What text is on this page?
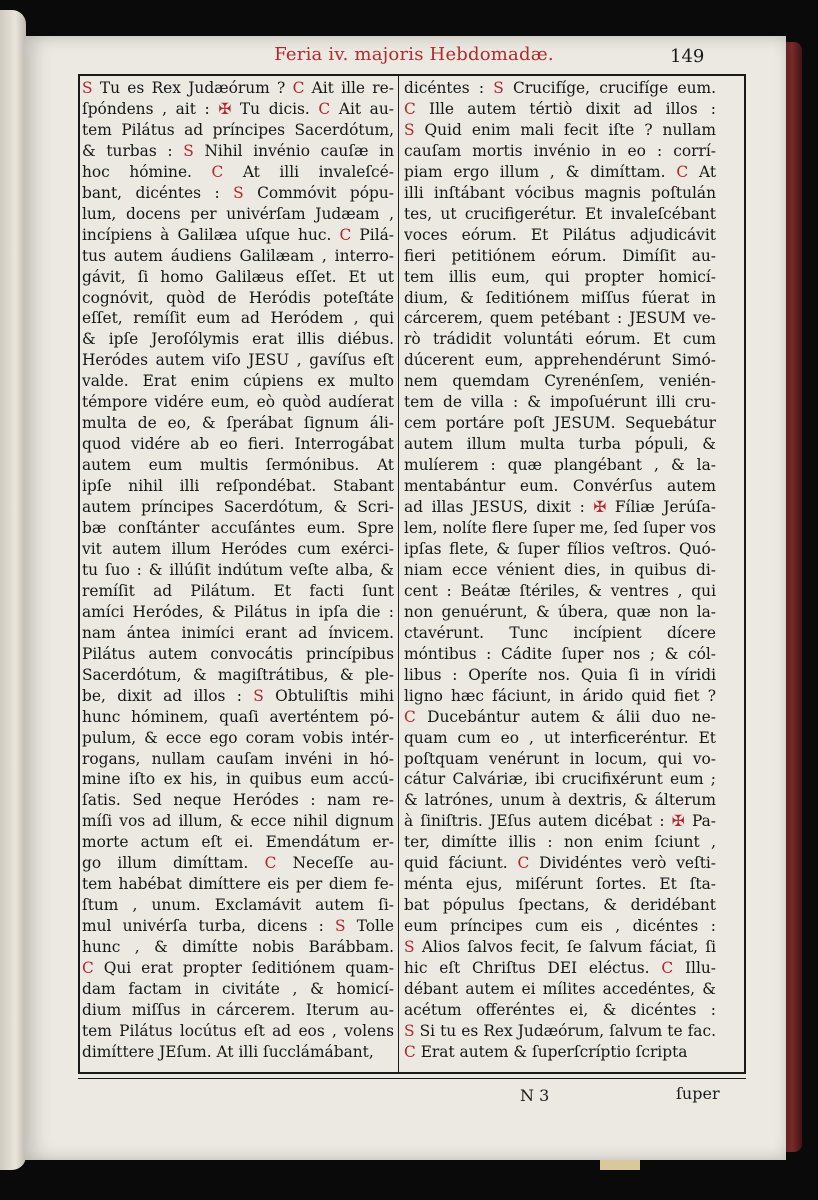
Feria iv. majoris Hebdomadæ.	149
S Tu es Rex Judæórum ? C Ait ille re-
ſpóndens , ait : ✠ Tu dicis. C Ait au-
tem Pilátus ad príncipes Sacerdótum,
& turbas : S Nihil invénio cauſæ in
hoc hómine. C At illi invaleſcé-
bant, dicéntes : S Commóvit pópu-
lum, docens per univérſam Judæam ,
incípiens à Galilæa uſque huc. C Pilá-
tus autem áudiens Galilæam , interro-
gávit, ſi homo Galilæus eſſet. Et ut
cognóvit, quòd de Heródis poteſtáte
eſſet, remíſit eum ad Heródem , qui
& ipſe Jeroſólymis erat illis diébus.
Heródes autem viſo JESU , gavíſus eſt
valde. Erat enim cúpiens ex multo
témpore vidére eum, eò quòd audíerat
multa de eo, & ſperábat ſignum áli-
quod vidére ab eo fieri. Interrogábat
autem eum multis ſermónibus. At
ipſe nihil illi reſpondébat. Stabant
autem príncipes Sacerdótum, & Scri-
bæ conſtánter accuſántes eum. Spre
vit autem illum Heródes cum exérci-
tu ſuo : & illúſit indútum veſte alba, &
remíſit ad Pilátum. Et facti ſunt
amíci Heródes, & Pilátus in ipſa die :
nam ántea inimíci erant ad ínvicem.
Pilátus autem convocátis princípibus
Sacerdótum, & magiſtrátibus, & ple-
be, dixit ad illos : S Obtuliſtis mihi
hunc hóminem, quaſi averténtem pó-
pulum, & ecce ego coram vobis intér-
rogans, nullam cauſam invéni in hó-
mine iſto ex his, in quibus eum accú-
ſatis. Sed neque Heródes : nam re-
míſi vos ad illum, & ecce nihil dignum
morte actum eſt ei. Emendátum er-
go illum dimíttam. C Neceſſe au-
tem habébat dimíttere eis per diem fe-
ſtum , unum. Exclamávit autem ſi-
mul univérſa turba, dicens : S Tolle
hunc , & dimítte nobis Barábbam.
C Qui erat propter ſeditiónem quam-
dam factam in civitáte , & homicí-
dium miſſus in cárcerem. Iterum au-
tem Pilátus locútus eſt ad eos , volens
dimíttere JEſum. At illi ſucclámábant,
dicéntes : S Crucifíge, crucifíge eum.
C Ille autem tértiò dixit ad illos :
S Quid enim mali fecit iſte ? nullam
cauſam mortis invénio in eo : corrí-
piam ergo illum , & dimíttam. C At
illi inſtábant vócibus magnis poſtulán
tes, ut crucifigerétur. Et invaleſcébant
voces eórum. Et Pilátus adjudicávit
fieri petitiónem eórum. Dimíſit au-
tem illis eum, qui propter homicí-
dium, & ſeditiónem miſſus fúerat in
cárcerem, quem petébant : JESUM ve-
rò trádidit voluntáti eórum. Et cum
dúcerent eum, apprehendérunt Simó-
nem quemdam Cyrenénſem, venién-
tem de villa : & impoſuérunt illi cru-
cem portáre poſt JESUM. Sequebátur
autem illum multa turba pópuli, &
mulíerem : quæ plangébant , & la-
mentabántur eum. Convérſus autem
ad illas JESUS, dixit : ✠ Fíliæ Jerúſa-
lem, nolíte flere ſuper me, ſed ſuper vos
ipſas flete, & ſuper fílios veſtros. Quó-
niam ecce vénient dies, in quibus di-
cent : Beátæ ſtériles, & ventres , qui
non genuérunt, & úbera, quæ non la-
ctavérunt. Tunc incípient dícere
móntibus : Cádite ſuper nos ; & cól-
libus : Operíte nos. Quia ſi in víridi
ligno hæc fáciunt, in árido quid fiet ?
C Ducebántur autem & álii duo ne-
quam cum eo , ut interficeréntur. Et
poſtquam venérunt in locum, qui vo-
cátur Calváriæ, ibi crucifixérunt eum ;
& latrónes, unum à dextris, & álterum
à ſiniſtris. JEſus autem dicébat : ✠ Pa-
ter, dimítte illis : non enim ſciunt ,
quid fáciunt. C Dividéntes verò veſti-
ménta ejus, miſérunt ſortes. Et ſta-
bat pópulus ſpectans, & deridébant
eum príncipes cum eis , dicéntes :
S Alios ſalvos fecit, ſe ſalvum fáciat, ſi
hic eſt Chriſtus DEI eléctus. C Illu-
débant autem ei mílites accedéntes, &
acétum offeréntes ei, & dicéntes :
S Si tu es Rex Judæórum, ſalvum te fac.
C Erat autem & ſuperſcríptio ſcripta
N 3	ſuper
